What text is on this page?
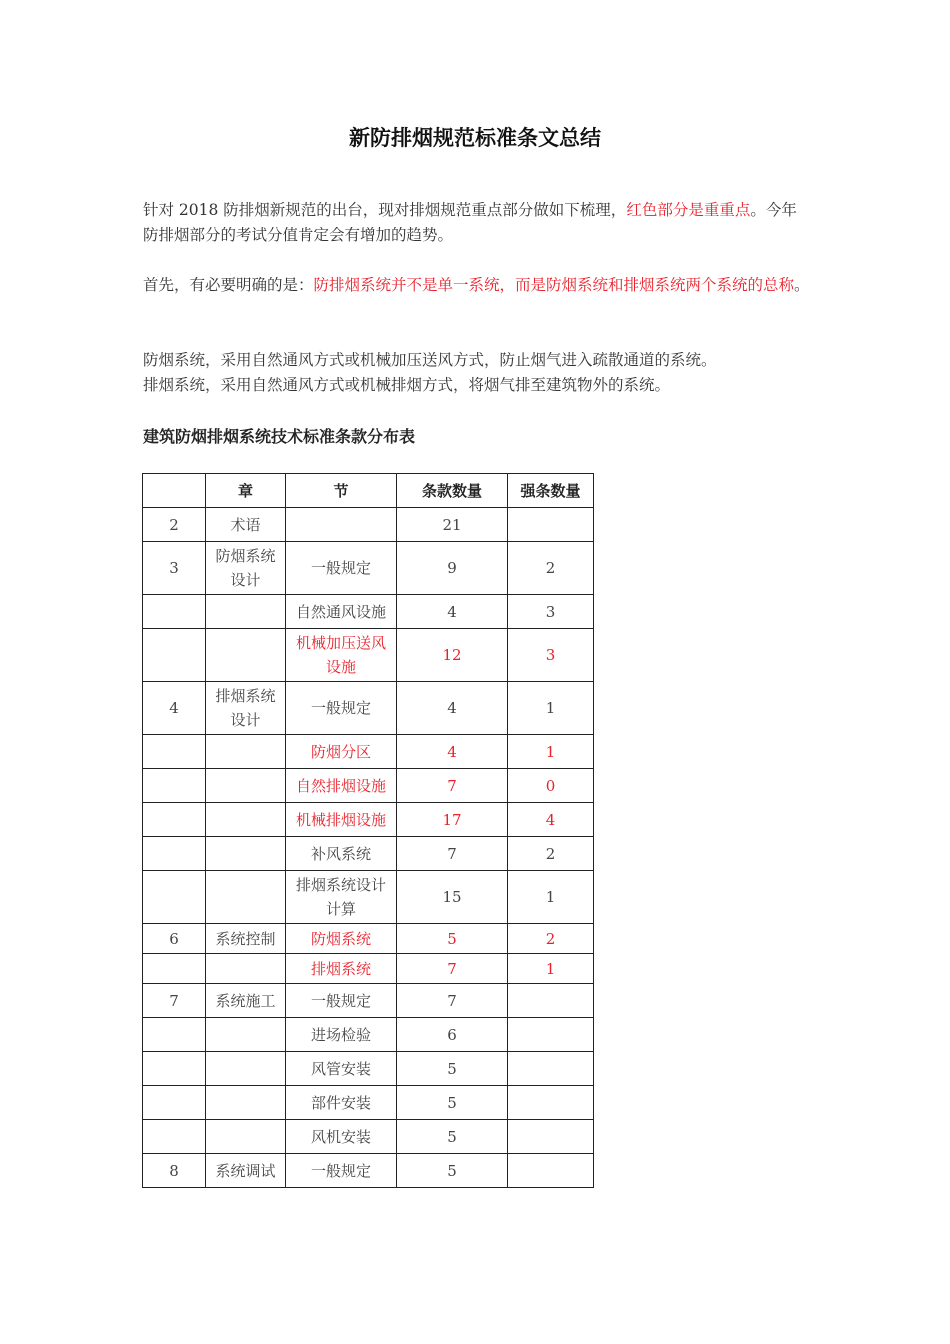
新防排烟规范标准条文总结

针对 2018 防排烟新规范的出台，现对排烟规范重点部分做如下梳理，红色部分是重重点。今年防排烟部分的考试分值肯定会有增加的趋势。

首先，有必要明确的是：防排烟系统并不是单一系统，而是防烟系统和排烟系统两个系统的总称。

防烟系统，采用自然通风方式或机械加压送风方式，防止烟气进入疏散通道的系统。
排烟系统，采用自然通风方式或机械排烟方式，将烟气排至建筑物外的系统。

建筑防烟排烟系统技术标准条款分布表
	章	节	条款数量	强条数量
2	术语		21	
3	防烟系统设计	一般规定	9	2
		自然通风设施	4	3
		机械加压送风设施	12	3
4	排烟系统设计	一般规定	4	1
		防烟分区	4	1
		自然排烟设施	7	0
		机械排烟设施	17	4
		补风系统	7	2
		排烟系统设计计算	15	1
6	系统控制	防烟系统	5	2
		排烟系统	7	1
7	系统施工	一般规定	7	
		进场检验	6	
		风管安装	5	
		部件安装	5	
		风机安装	5	
8	系统调试	一般规定	5	
